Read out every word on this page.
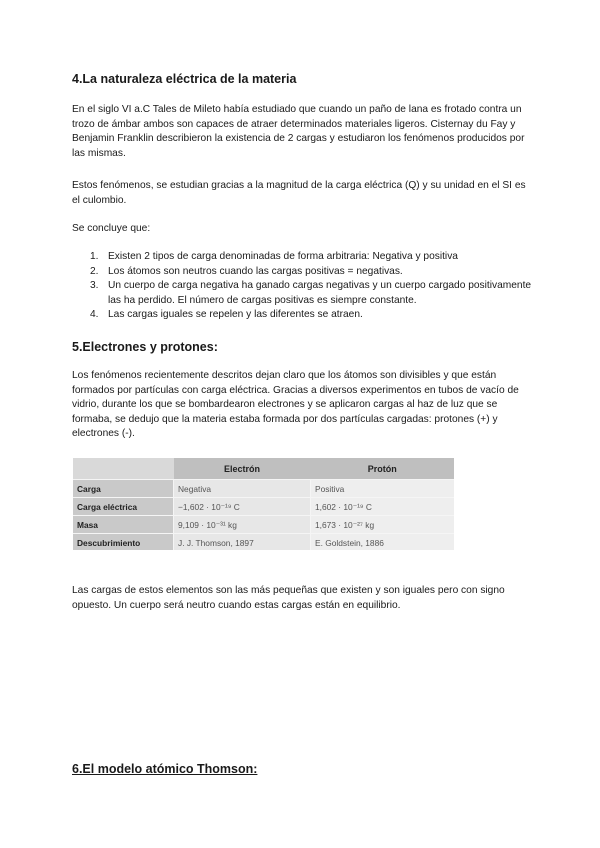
4.La naturaleza eléctrica de la materia

En el siglo VI a.C Tales de Mileto había estudiado que cuando un paño de lana es frotado contra un trozo de ámbar ambos son capaces de atraer determinados materiales ligeros. Cisternay du Fay y Benjamin Franklin describieron la existencia de 2 cargas y estudiaron los fenómenos producidos por las mismas.

Estos fenómenos, se estudian gracias a la magnitud de la carga eléctrica (Q) y su unidad en el SI es el culombio.

Se concluye que:

1. Existen 2 tipos de carga denominadas de forma arbitraria: Negativa y positiva
2. Los átomos son neutros cuando las cargas positivas = negativas.
3. Un cuerpo de carga negativa ha ganado cargas negativas y un cuerpo cargado positivamente las ha perdido. El número de cargas positivas es siempre constante.
4. Las cargas iguales se repelen y las diferentes se atraen.
5.Electrones y protones:

Los fenómenos recientemente descritos dejan claro que los átomos son divisibles y que están formados por partículas con carga eléctrica. Gracias a diversos experimentos en tubos de vacío de vidrio, durante los que se bombardearon electrones y se aplicaron cargas al haz de luz que se formaba, se dedujo que la materia estaba formada por dos partículas cargadas: protones (+) y electrones (-).

	Electrón	Protón
Carga	Negativa	Positiva
Carga eléctrica	−1,602 · 10⁻¹⁹ C	1,602 · 10⁻¹⁹ C
Masa	9,109 · 10⁻³¹ kg	1,673 · 10⁻²⁷ kg
Descubrimiento	J. J. Thomson, 1897	E. Goldstein, 1886

Las cargas de estos elementos son las más pequeñas que existen y son iguales pero con signo opuesto. Un cuerpo será neutro cuando estas cargas están en equilibrio.

6.El modelo atómico Thomson:
